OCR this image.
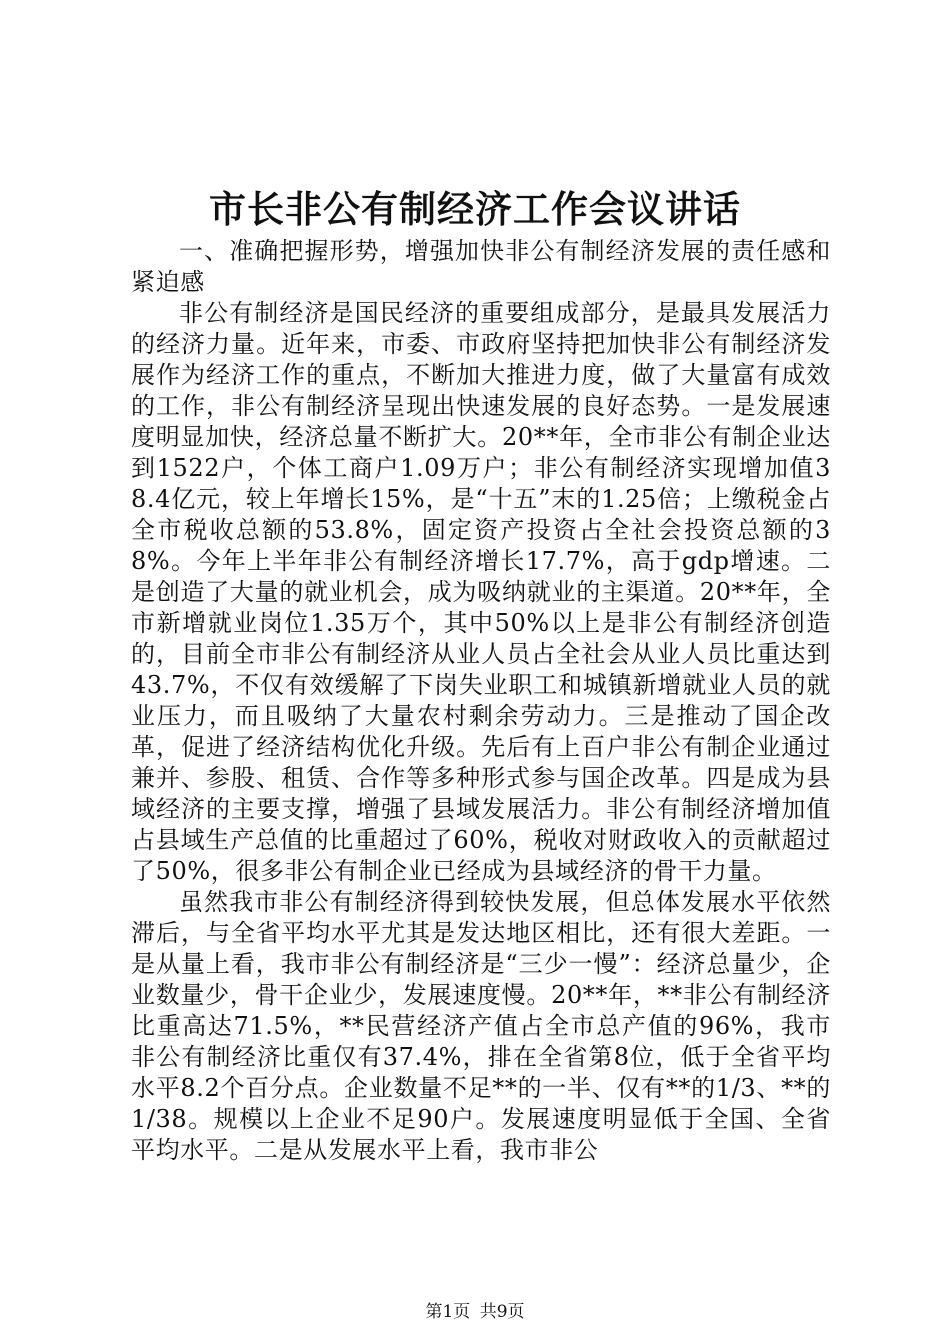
市长非公有制经济工作会议讲话

一、准确把握形势，增强加快非公有制经济发展的责任感和紧迫感

非公有制经济是国民经济的重要组成部分，是最具发展活力的经济力量。近年来，市委、市政府坚持把加快非公有制经济发展作为经济工作的重点，不断加大推进力度，做了大量富有成效的工作，非公有制经济呈现出快速发展的良好态势。一是发展速度明显加快，经济总量不断扩大。20**年，全市非公有制企业达到1522户，个体工商户1.09万户；非公有制经济实现增加值38.4亿元，较上年增长15%，是“十五”末的1.25倍；上缴税金占全市税收总额的53.8%，固定资产投资占全社会投资总额的38%。今年上半年非公有制经济增长17.7%，高于gdp增速。二是创造了大量的就业机会，成为吸纳就业的主渠道。20**年，全市新增就业岗位1.35万个，其中50%以上是非公有制经济创造的，目前全市非公有制经济从业人员占全社会从业人员比重达到43.7%，不仅有效缓解了下岗失业职工和城镇新增就业人员的就业压力，而且吸纳了大量农村剩余劳动力。三是推动了国企改革，促进了经济结构优化升级。先后有上百户非公有制企业通过兼并、参股、租赁、合作等多种形式参与国企改革。四是成为县域经济的主要支撑，增强了县域发展活力。非公有制经济增加值占县域生产总值的比重超过了60%，税收对财政收入的贡献超过了50%，很多非公有制企业已经成为县域经济的骨干力量。

虽然我市非公有制经济得到较快发展，但总体发展水平依然滞后，与全省平均水平尤其是发达地区相比，还有很大差距。一是从量上看，我市非公有制经济是“三少一慢”：经济总量少，企业数量少，骨干企业少，发展速度慢。20**年，**非公有制经济比重高达71.5%，**民营经济产值占全市总产值的96%，我市非公有制经济比重仅有37.4%，排在全省第8位，低于全省平均水平8.2个百分点。企业数量不足**的一半、仅有**的1/3、**的1/38。规模以上企业不足90户。发展速度明显低于全国、全省平均水平。二是从发展水平上看，我市非公

第1页 共9页
